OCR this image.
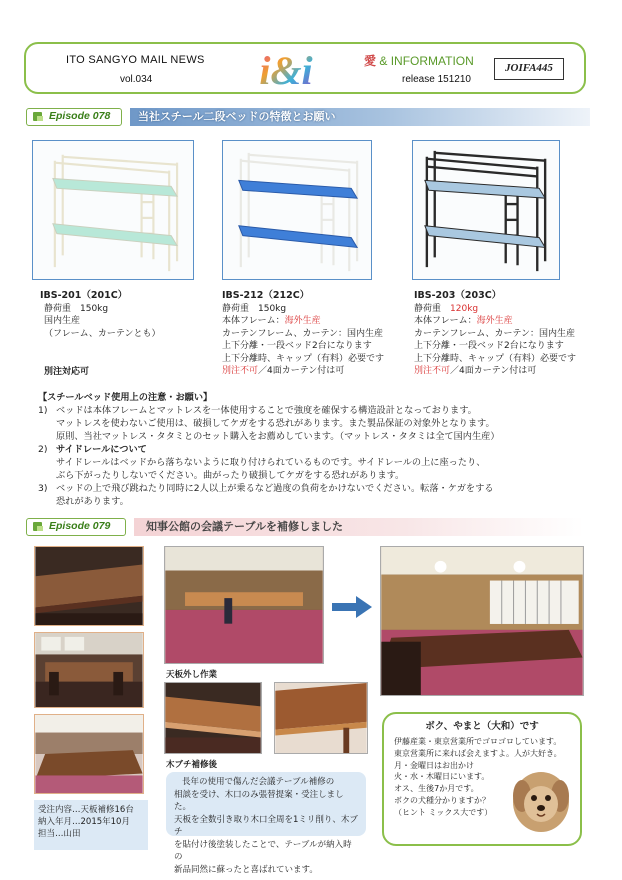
ITO SANGYO MAIL NEWS
vol.034	i&i	愛 & INFORMATION
release 151210
JOIFA445
Episode 078	当社スチール二段ベッドの特徴とお願い
IBS-201（201C）
静荷重　150kg
国内生産
（フレーム、カーテンとも）
別注対応可
IBS-212（212C）
静荷重　150kg
本体フレーム：海外生産
カーテンフレーム、カーテン：国内生産
上下分離・一段ベッド2台になります
上下分離時、キャップ（有料）必要です
別注不可／4面カーテン付は可
IBS-203（203C）
静荷重　120kg
本体フレーム：海外生産
カーテンフレーム、カーテン：国内生産
上下分離・一段ベッド2台になります
上下分離時、キャップ（有料）必要です
別注不可／4面カーテン付は可
【スチールベッド使用上の注意・お願い】
1) ベッドは本体フレームとマットレスを一体使用することで強度を確保する構造設計となっております。
マットレスを使わないご使用は、破損してケガをする恐れがあります。また製品保証の対象外となります。
原則、当社マットレス・タタミとのセット購入をお薦めしています。（マットレス・タタミは全て国内生産）
2) サイドレールについて
サイドレールはベッドから落ちないように取り付けられているものです。サイドレールの上に座ったり、
ぶら下がったりしないでください。曲がったり破損してケガをする恐れがあります。
3) ベッドの上で飛び跳ねたり同時に2人以上が乗るなど過度の負荷をかけないでください。転落・ケガをする
恐れがあります。
Episode 079	知事公館の会議テーブルを補修しました
天板外し作業
木ブチ補修後
受注内容…天板補修16台
納入年月…2015年10月
担当…山田
長年の使用で傷んだ会議テーブル補修の
相談を受け、木口のみ張替提案・受注しました。
天板を全数引き取り木口全周を1ミリ削り、木ブチ
を貼付け後塗装したことで、テーブルが納入時の
新品同然に蘇ったと喜ばれています。
ボク、やまと（大和）です
伊藤産業・東京営業所でゴロゴロしています。
東京営業所に来れば会えますよ。人が大好き。
月・金曜日はお出かけ
火・水・木曜日にいます。
オス、生後7か月です。
ボクの犬種分かりますか？
（ヒント ミックス大です）
